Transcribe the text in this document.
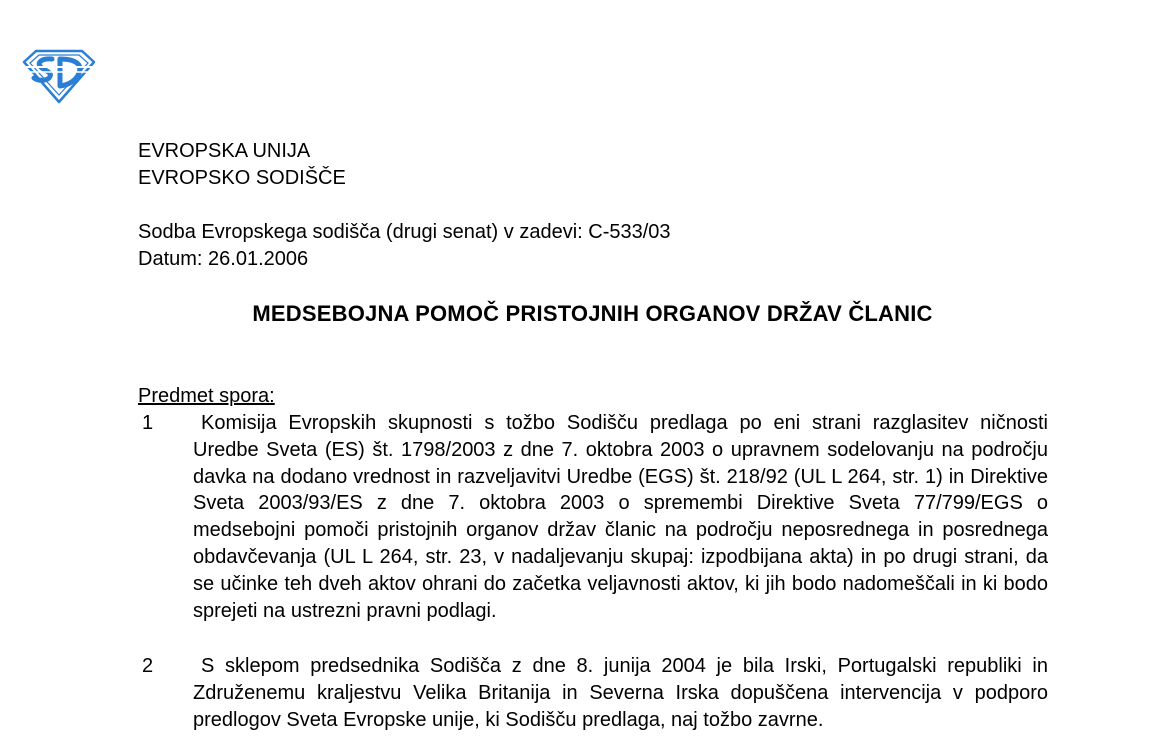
EVROPSKA UNIJA

EVROPSKO SODIŠČE

Sodba Evropskega sodišča (drugi senat) v zadevi: C-533/03

Datum: 26.01.2006

MEDSEBOJNA POMOČ PRISTOJNIH ORGANOV DRŽAV ČLANIC

Predmet spora:

1	Komisija Evropskih skupnosti s tožbo Sodišču predlaga po eni strani razglasitev ničnosti Uredbe Sveta (ES) št. 1798/2003 z dne 7. oktobra 2003 o upravnem sodelovanju na področju davka na dodano vrednost in razveljavitvi Uredbe (EGS) št. 218/92 (UL L 264, str. 1) in Direktive Sveta 2003/93/ES z dne 7. oktobra 2003 o spremembi Direktive Sveta 77/799/EGS o medsebojni pomoči pristojnih organov držav članic na področju neposrednega in posrednega obdavčevanja (UL L 264, str. 23, v nadaljevanju skupaj: izpodbijana akta) in po drugi strani, da se učinke teh dveh aktov ohrani do začetka veljavnosti aktov, ki jih bodo nadomeščali in ki bodo sprejeti na ustrezni pravni podlagi.
2	S sklepom predsednika Sodišča z dne 8. junija 2004 je bila Irski, Portugalski republiki in Združenemu kraljestvu Velika Britanija in Severna Irska dopuščena intervencija v podporo predlogov Sveta Evropske unije, ki Sodišču predlaga, naj tožbo zavrne.
